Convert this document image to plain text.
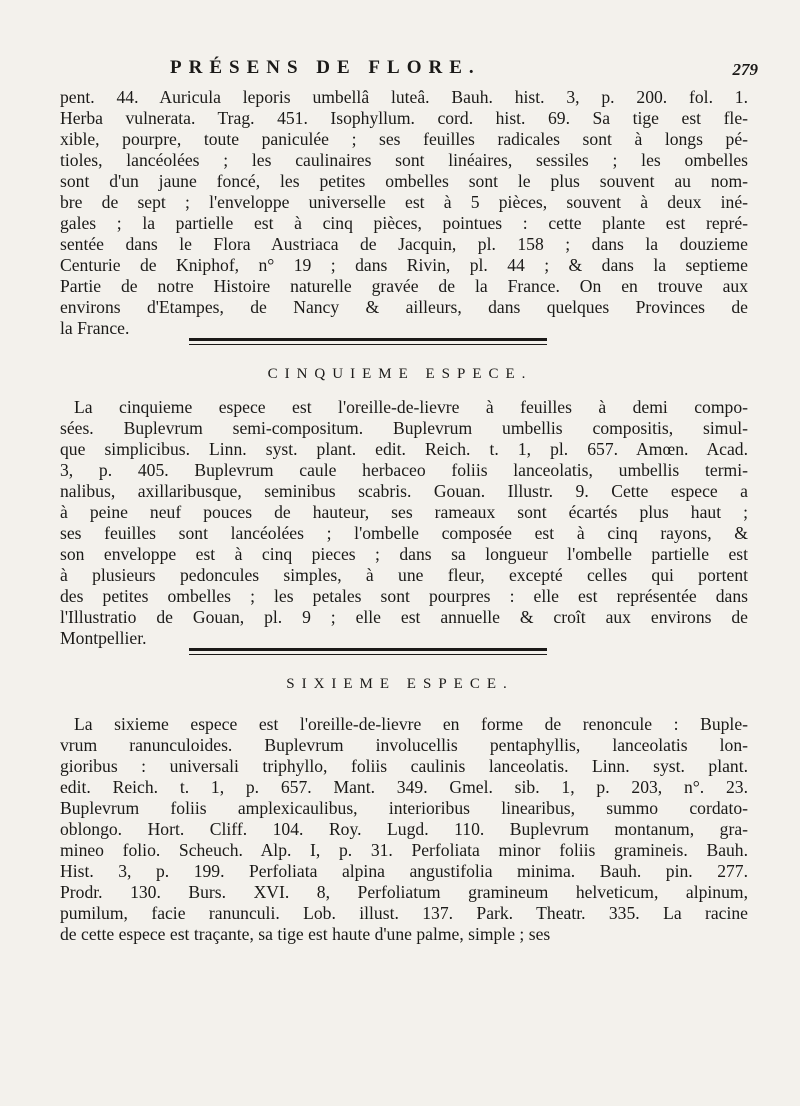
PRÉSENS DE FLORE.	279
pent. 44. Auricula leporis umbellâ luteâ. Bauh. hist. 3, p. 200. fol. 1.
Herba vulnerata. Trag. 451. Isophyllum. cord. hist. 69. Sa tige est fle-
xible, pourpre, toute paniculée ; ses feuilles radicales sont à longs pé-
tioles, lancéolées ; les caulinaires sont linéaires, sessiles ; les ombelles
sont d'un jaune foncé, les petites ombelles sont le plus souvent au nom-
bre de sept ; l'enveloppe universelle est à 5 pièces, souvent à deux iné-
gales ; la partielle est à cinq pièces, pointues : cette plante est repré-
sentée dans le Flora Austriaca de Jacquin, pl. 158 ; dans la douzieme
Centurie de Kniphof, n° 19 ; dans Rivin, pl. 44 ; & dans la septieme
Partie de notre Histoire naturelle gravée de la France. On en trouve aux
environs d'Etampes, de Nancy & ailleurs, dans quelques Provinces de
la France.
CINQUIEME ESPECE.
La cinquieme espece est l'oreille-de-lievre à feuilles à demi compo-
sées. Buplevrum semi-compositum. Buplevrum umbellis compositis, simul-
que simplicibus. Linn. syst. plant. edit. Reich. t. 1, pl. 657. Amœn. Acad.
3, p. 405. Buplevrum caule herbaceo foliis lanceolatis, umbellis termi-
nalibus, axillaribusque, seminibus scabris. Gouan. Illustr. 9. Cette espece a
à peine neuf pouces de hauteur, ses rameaux sont écartés plus haut ;
ses feuilles sont lancéolées ; l'ombelle composée est à cinq rayons, &
son enveloppe est à cinq pieces ; dans sa longueur l'ombelle partielle est
à plusieurs pedoncules simples, à une fleur, excepté celles qui portent
des petites ombelles ; les petales sont pourpres : elle est représentée dans
l'Illustratio de Gouan, pl. 9 ; elle est annuelle & croît aux environs de
Montpellier.
SIXIEME ESPECE.
La sixieme espece est l'oreille-de-lievre en forme de renoncule : Buple-
vrum ranunculoides. Buplevrum involucellis pentaphyllis, lanceolatis lon-
gioribus : universali triphyllo, foliis caulinis lanceolatis. Linn. syst. plant.
edit. Reich. t. 1, p. 657. Mant. 349. Gmel. sib. 1, p. 203, n°. 23.
Buplevrum foliis amplexicaulibus, interioribus linearibus, summo cordato-
oblongo. Hort. Cliff. 104. Roy. Lugd. 110. Buplevrum montanum, gra-
mineo folio. Scheuch. Alp. I, p. 31. Perfoliata minor foliis gramineis. Bauh.
Hist. 3, p. 199. Perfoliata alpina angustifolia minima. Bauh. pin. 277.
Prodr. 130. Burs. XVI. 8, Perfoliatum gramineum helveticum, alpinum,
pumilum, facie ranunculi. Lob. illust. 137. Park. Theatr. 335. La racine
de cette espece est traçante, sa tige est haute d'une palme, simple ; ses
